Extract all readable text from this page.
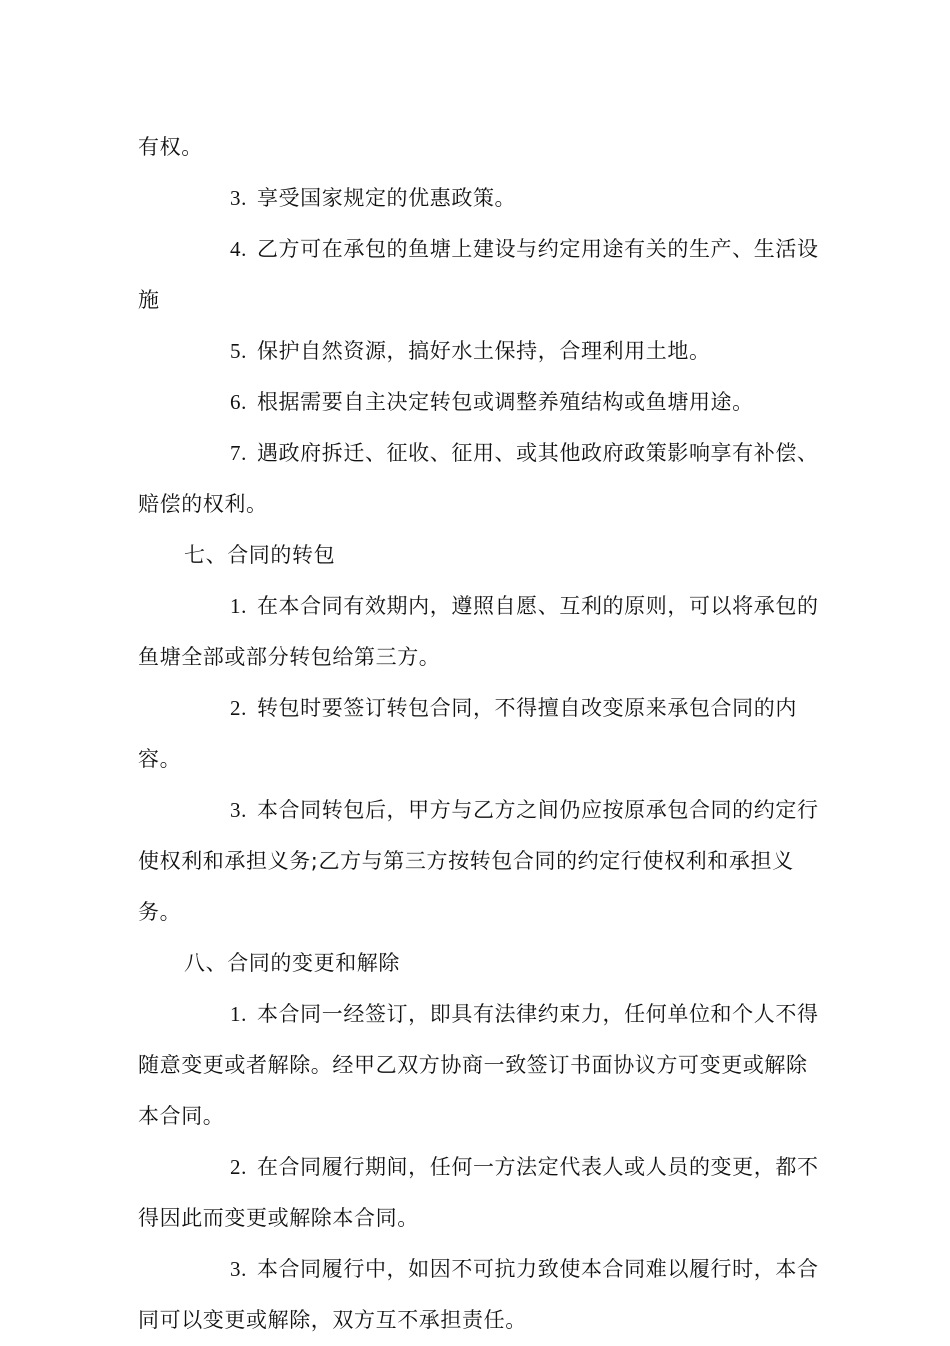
有权。

3. 享受国家规定的优惠政策。

4. 乙方可在承包的鱼塘上建设与约定用途有关的生产、生活设施

5. 保护自然资源，搞好水土保持，合理利用土地。

6. 根据需要自主决定转包或调整养殖结构或鱼塘用途。

7. 遇政府拆迁、征收、征用、或其他政府政策影响享有补偿、赔偿的权利。

七、合同的转包

1. 在本合同有效期内，遵照自愿、互利的原则，可以将承包的鱼塘全部或部分转包给第三方。

2. 转包时要签订转包合同，不得擅自改变原来承包合同的内容。

3. 本合同转包后，甲方与乙方之间仍应按原承包合同的约定行使权利和承担义务;乙方与第三方按转包合同的约定行使权利和承担义务。

八、合同的变更和解除

1. 本合同一经签订，即具有法律约束力，任何单位和个人不得随意变更或者解除。经甲乙双方协商一致签订书面协议方可变更或解除本合同。

2. 在合同履行期间，任何一方法定代表人或人员的变更，都不得因此而变更或解除本合同。

3. 本合同履行中，如因不可抗力致使本合同难以履行时，本合同可以变更或解除，双方互不承担责任。
